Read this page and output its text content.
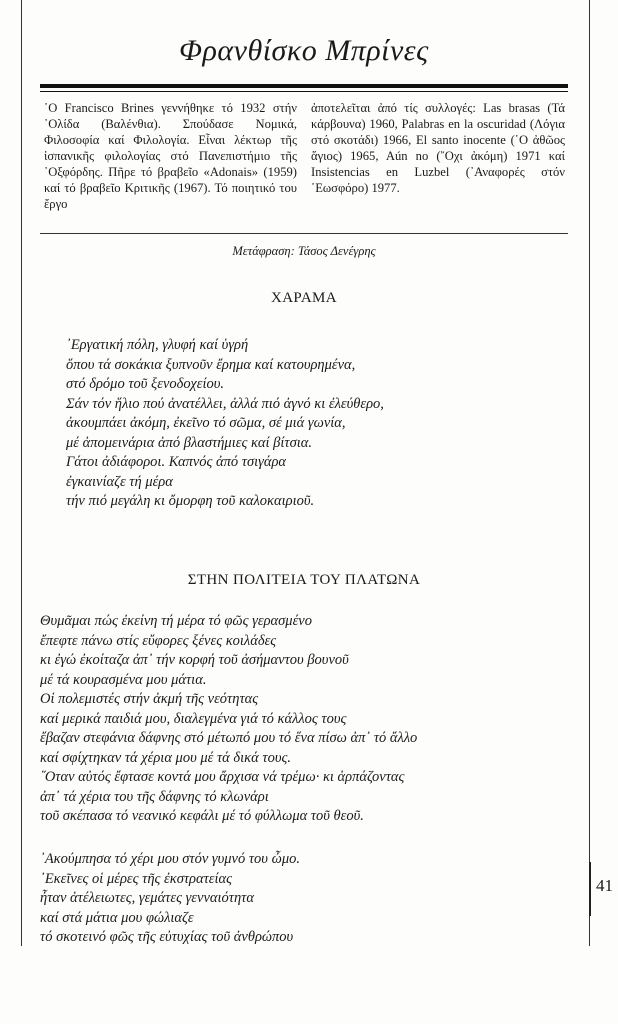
Φρανθίσκο Μπρίνες

῾Ο Francisco Brines γεννήθηκε τό 1932 στήν ᾿Ολίδα (Βαλένθια). Σπούδασε Νομικά, Φιλοσοφία καί Φιλολογία. Εἶναι λέκτωρ τῆς ἱσπανικῆς φιλολογίας στό Πανεπιστήμιο τῆς ᾿Οξφόρδης. Πῆρε τό βραβεῖο «Adonais» (1959) καί τό βραβεῖο Κριτικῆς (1967). Τό ποιητικό του ἔργο

ἀποτελεῖται ἀπό τίς συλλογές: Las brasas (Τά κάρβουνα) 1960, Palabras en la oscuridad (Λόγια στό σκοτάδι) 1966, El santo inocente (῾Ο ἀθῶος ἅγιος) 1965, Aún no (῎Οχι ἀκόμη) 1971 καί Insistencias en Luzbel (᾿Αναφορές στόν ῾Εωσφόρο) 1977.

Μετάφραση: Τάσος Δενέγρης
ΧΑΡΑΜΑ
᾿Εργατική πόλη, γλυφή καί ὑγρή
ὅπου τά σοκάκια ξυπνοῦν ἔρημα καί κατουρημένα,
στό δρόμο τοῦ ξενοδοχείου.
Σάν τόν ἥλιο πού ἀνατέλλει, ἀλλά πιό ἀγνό κι ἐλεύθερο,
ἀκουμπάει ἀκόμη, ἐκεῖνο τό σῶμα, σέ μιά γωνία,
μέ ἀπομεινάρια ἀπό βλαστήμιες καί βίτσια.
Γάτοι ἀδιάφοροι. Καπνός ἀπό τσιγάρα
ἐγκαινίαζε τή μέρα
τήν πιό μεγάλη κι ὄμορφη τοῦ καλοκαιριοῦ.
ΣΤΗΝ ΠΟΛΙΤΕΙΑ ΤΟΥ ΠΛΑΤΩΝΑ
Θυμᾶμαι πώς ἐκείνη τή μέρα τό φῶς γερασμένο
ἔπεφτε πάνω στίς εὔφορες ξένες κοιλάδες
κι ἐγώ ἐκοίταζα ἀπ᾿ τήν κορφή τοῦ ἀσήμαντου βουνοῦ
μέ τά κουρασμένα μου μάτια.
Οἱ πολεμιστές στήν ἀκμή τῆς νεότητας
καί μερικά παιδιά μου, διαλεγμένα γιά τό κάλλος τους
ἔβαζαν στεφάνια δάφνης στό μέτωπό μου τό ἕνα πίσω ἀπ᾿ τό ἄλλο
καί σφίχτηκαν τά χέρια μου μέ τά δικά τους.
῞Οταν αὐτός ἔφτασε κοντά μου ἄρχισα νά τρέμω· κι ἁρπάζοντας
ἀπ᾿ τά χέρια του τῆς δάφνης τό κλωνάρι
τοῦ σκέπασα τό νεανικό κεφάλι μέ τό φύλλωμα τοῦ θεοῦ.
᾿Ακούμπησα τό χέρι μου στόν γυμνό του ὦμο.
᾿Εκεῖνες οἱ μέρες τῆς ἐκστρατείας
ἦταν ἀτέλειωτες, γεμάτες γενναιότητα
καί στά μάτια μου φώλιαζε
τό σκοτεινό φῶς τῆς εὐτυχίας τοῦ ἀνθρώπου
41
